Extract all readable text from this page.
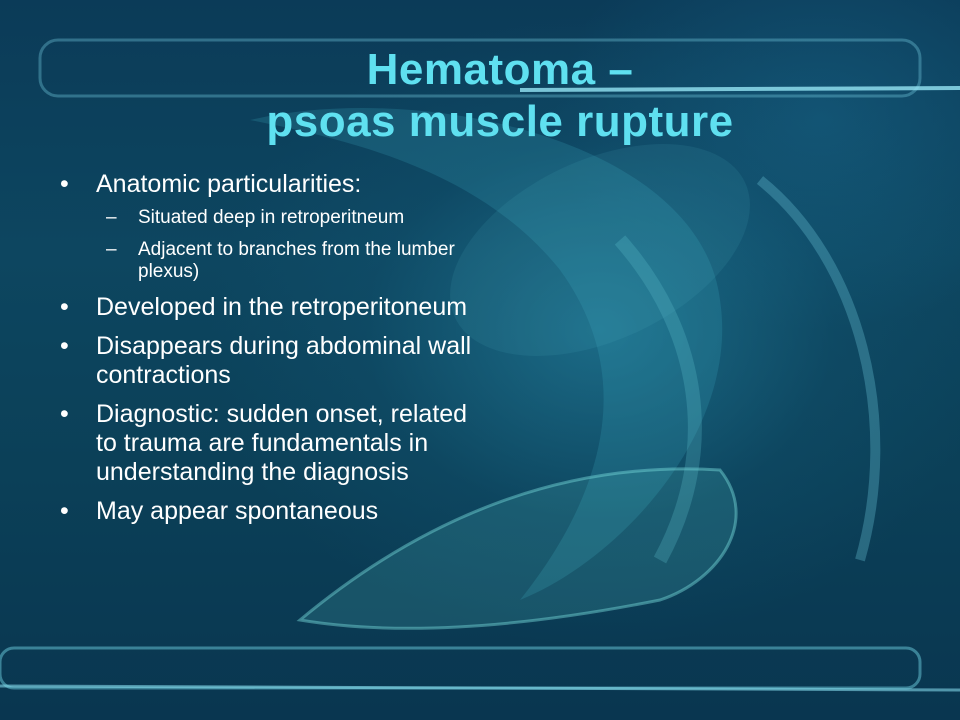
Hematoma –
psoas muscle rupture
• Anatomic particularities:
– Situated deep in retroperitneum
– Adjacent to branches from the lumber plexus)
• Developed in the retroperitoneum
• Disappears during abdominal wall contractions
• Diagnostic: sudden onset, related to trauma are fundamentals in understanding the diagnosis
• May appear spontaneous
